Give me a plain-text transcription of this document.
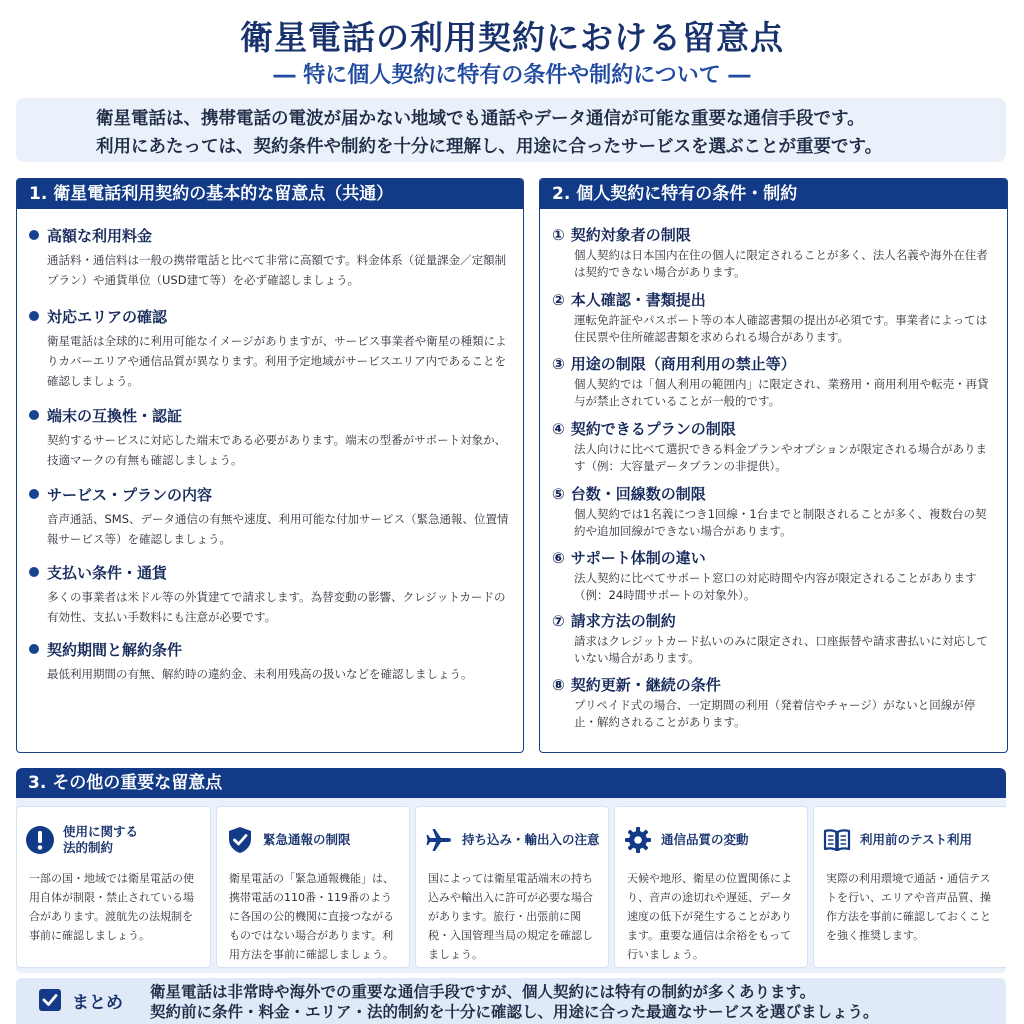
衛星電話の利用契約における留意点
― 特に個人契約に特有の条件や制約について ―

衛星電話は、携帯電話の電波が届かない地域でも通話やデータ通信が可能な重要な通信手段です。

利用にあたっては、契約条件や制約を十分に理解し、用途に合ったサービスを選ぶことが重要です。

1. 衛星電話利用契約の基本的な留意点（共通）
高額な利用料金
通話料・通信料は一般の携帯電話と比べて非常に高額です。料金体系（従量課金／定額制プラン）や通貨単位（USD建て等）を必ず確認しましょう。
対応エリアの確認
衛星電話は全球的に利用可能なイメージがありますが、サービス事業者や衛星の種類によりカバーエリアや通信品質が異なります。利用予定地域がサービスエリア内であることを確認しましょう。
端末の互換性・認証
契約するサービスに対応した端末である必要があります。端末の型番がサポート対象か、技適マークの有無も確認しましょう。
サービス・プランの内容
音声通話、SMS、データ通信の有無や速度、利用可能な付加サービス（緊急通報、位置情報サービス等）を確認しましょう。
支払い条件・通貨
多くの事業者は米ドル等の外貨建てで請求します。為替変動の影響、クレジットカードの有効性、支払い手数料にも注意が必要です。
契約期間と解約条件
最低利用期間の有無、解約時の違約金、未利用残高の扱いなどを確認しましょう。
2. 個人契約に特有の条件・制約
① 契約対象者の制限
個人契約は日本国内在住の個人に限定されることが多く、法人名義や海外在住者は契約できない場合があります。
② 本人確認・書類提出
運転免許証やパスポート等の本人確認書類の提出が必須です。事業者によっては住民票や住所確認書類を求められる場合があります。
③ 用途の制限（商用利用の禁止等）
個人契約では「個人利用の範囲内」に限定され、業務用・商用利用や転売・再貸与が禁止されていることが一般的です。
④ 契約できるプランの制限
法人向けに比べて選択できる料金プランやオプションが限定される場合があります（例：大容量データプランの非提供）。
⑤ 台数・回線数の制限
個人契約では1名義につき1回線・1台までと制限されることが多く、複数台の契約や追加回線ができない場合があります。
⑥ サポート体制の違い
法人契約に比べてサポート窓口の対応時間や内容が限定されることがあります（例：24時間サポートの対象外）。
⑦ 請求方法の制約
請求はクレジットカード払いのみに限定され、口座振替や請求書払いに対応していない場合があります。
⑧ 契約更新・継続の条件
プリペイド式の場合、一定期間の利用（発着信やチャージ）がないと回線が停止・解約されることがあります。
3. その他の重要な留意点
使用に関する
法的制約
一部の国・地域では衛星電話の使用自体が制限・禁止されている場合があります。渡航先の法規制を事前に確認しましょう。
緊急通報の制限
衛星電話の「緊急通報機能」は、携帯電話の110番・119番のように各国の公的機関に直接つながるものではない場合があります。利用方法を事前に確認しましょう。
持ち込み・輸出入の注意
国によっては衛星電話端末の持ち込みや輸出入に許可が必要な場合があります。旅行・出張前に関税・入国管理当局の規定を確認しましょう。
通信品質の変動
天候や地形、衛星の位置関係により、音声の途切れや遅延、データ速度の低下が発生することがあります。重要な通信は余裕をもって行いましょう。
利用前のテスト利用
実際の利用環境で通話・通信テストを行い、エリアや音声品質、操作方法を事前に確認しておくことを強く推奨します。
まとめ
衛星電話は非常時や海外での重要な通信手段ですが、個人契約には特有の制約が多くあります。
契約前に条件・料金・エリア・法的制約を十分に確認し、用途に合った最適なサービスを選びましょう。
